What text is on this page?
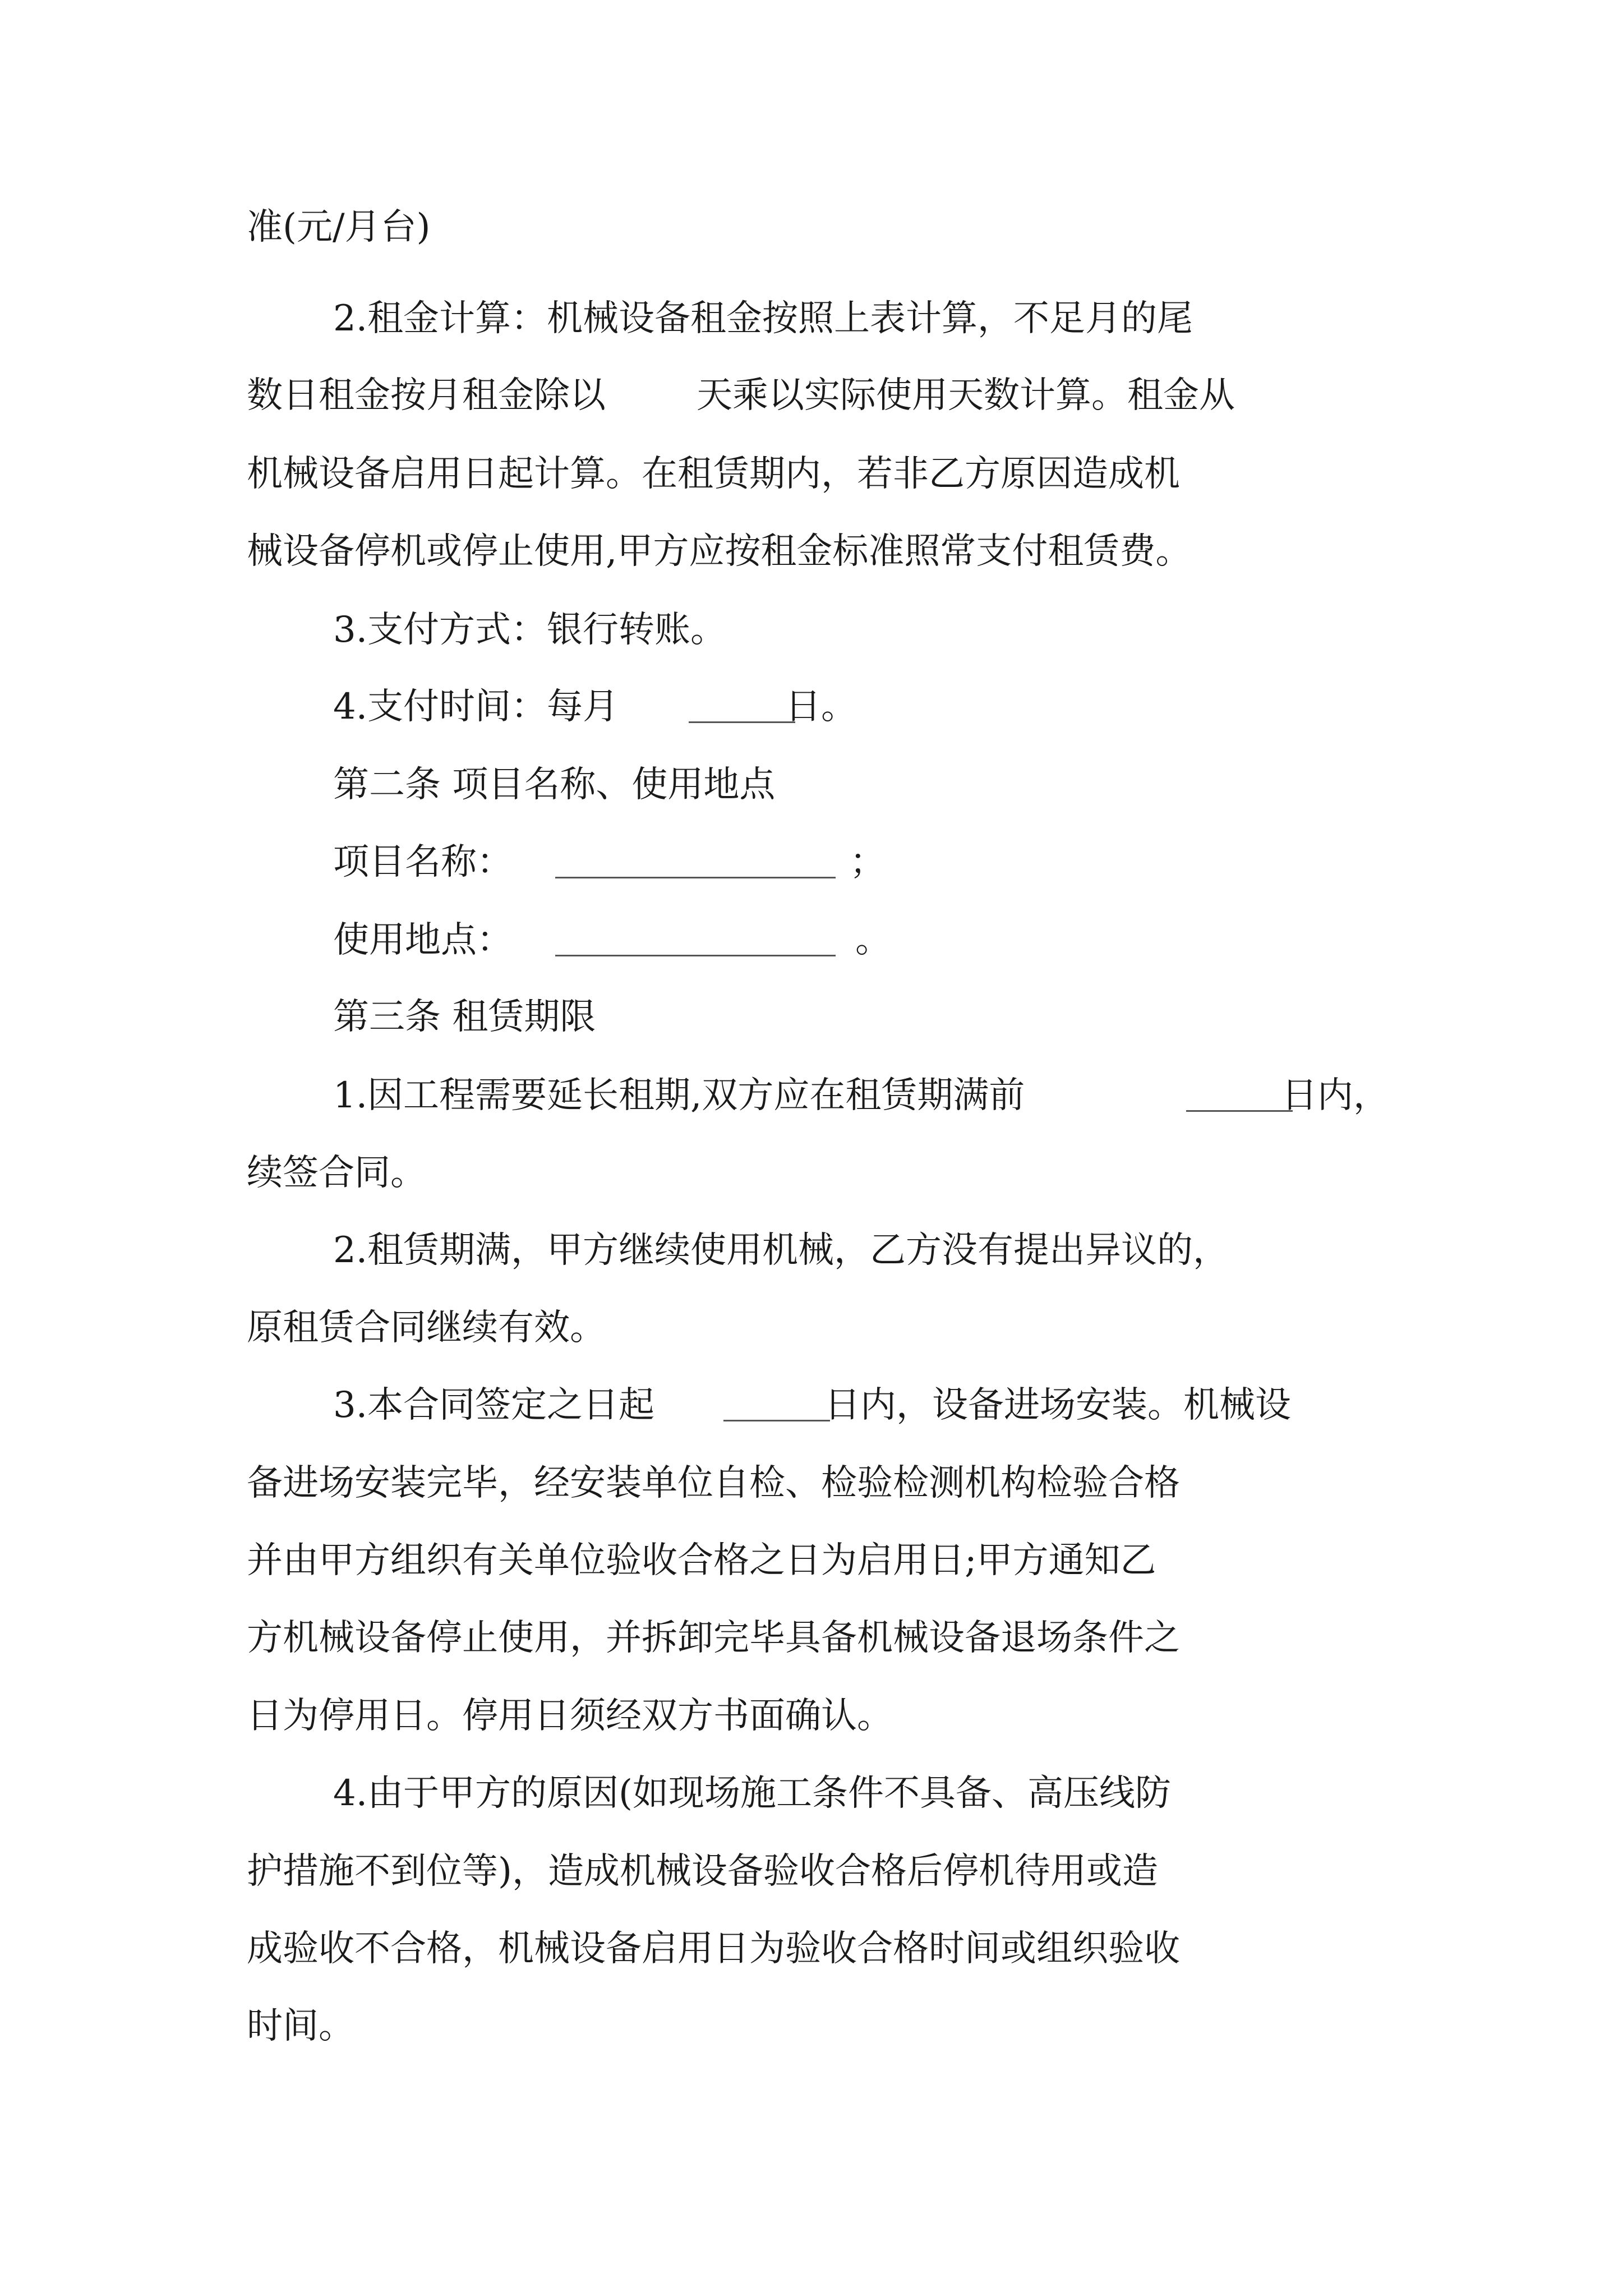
准(元/月台)
2.租金计算：机械设备租金按照上表计算，不足月的尾
数日租金按月租金除以	天乘以实际使用天数计算。租金从
机械设备启用日起计算。在租赁期内，若非乙方原因造成机
械设备停机或停止使用,甲方应按租金标准照常支付租赁费。
3.支付方式：银行转账。
4.支付时间：每月	日。
第二条 项目名称、使用地点
项目名称：	；
使用地点：	。
第三条 租赁期限
1.因工程需要延长租期,双方应在租赁期满前	日内，
续签合同。
2.租赁期满，甲方继续使用机械，乙方没有提出异议的，
原租赁合同继续有效。
3.本合同签定之日起	日内，设备进场安装。机械设
备进场安装完毕，经安装单位自检、检验检测机构检验合格
并由甲方组织有关单位验收合格之日为启用日;甲方通知乙
方机械设备停止使用，并拆卸完毕具备机械设备退场条件之
日为停用日。停用日须经双方书面确认。
4.由于甲方的原因(如现场施工条件不具备、高压线防
护措施不到位等)，造成机械设备验收合格后停机待用或造
成验收不合格，机械设备启用日为验收合格时间或组织验收
时间。
